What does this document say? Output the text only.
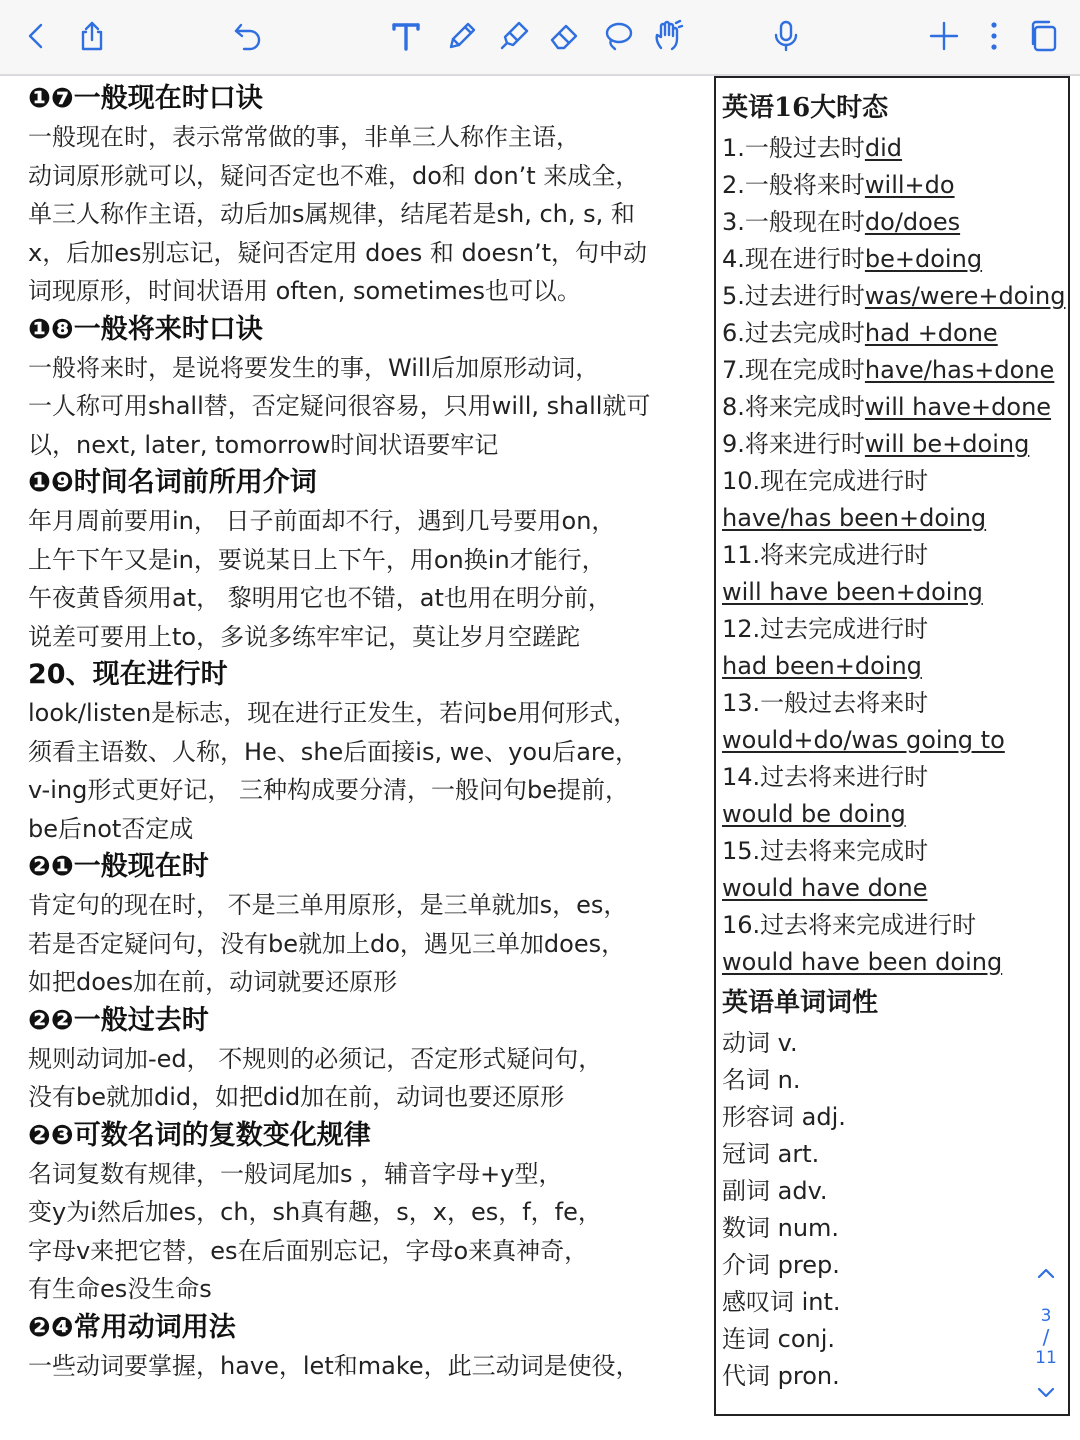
❶❼一般现在时口诀
一般现在时，表示常常做的事，非单三人称作主语，
动词原形就可以，疑问否定也不难，do和 don’t 来成全，
单三人称作主语，动后加s属规律，结尾若是sh, ch, s, 和
x，后加es别忘记，疑问否定用 does 和 doesn’t，句中动
词现原形，时间状语用 often, sometimes也可以。
❶❽一般将来时口诀
一般将来时，是说将要发生的事，Will后加原形动词，
一人称可用shall替，否定疑问很容易，只用will, shall就可
以，next, later, tomorrow时间状语要牢记
❶❾时间名词前所用介词
年月周前要用in， 日子前面却不行，遇到几号要用on，
上午下午又是in，要说某日上下午，用on换in才能行，
午夜黄昏须用at， 黎明用它也不错，at也用在明分前，
说差可要用上to，多说多练牢牢记，莫让岁月空蹉跎
20、现在进行时
look/listen是标志，现在进行正发生，若问be用何形式，
须看主语数、人称，He、she后面接is, we、you后are，
v-ing形式更好记， 三种构成要分清，一般问句be提前，
be后not否定成
❷❶一般现在时
肯定句的现在时， 不是三单用原形，是三单就加s，es，
若是否定疑问句，没有be就加上do，遇见三单加does，
如把does加在前，动词就要还原形
❷❷一般过去时
规则动词加-ed， 不规则的必须记，否定形式疑问句，
没有be就加did，如把did加在前，动词也要还原形
❷❸可数名词的复数变化规律
名词复数有规律，一般词尾加s ，辅音字母+y型，
变y为i然后加es，ch，sh真有趣，s，x，es，f，fe，
字母v来把它替，es在后面别忘记，字母o来真神奇，
有生命es没生命s
❷❹常用动词用法
一些动词要掌握，have，let和make，此三动词是使役，
英语16大时态
1.一般过去时did
2.一般将来时will+do
3.一般现在时do/does
4.现在进行时be+doing
5.过去进行时was/were+doing
6.过去完成时had +done
7.现在完成时have/has+done
8.将来完成时will have+done
9.将来进行时will be+doing
10.现在完成进行时
have/has been+doing
11.将来完成进行时
will have been+doing
12.过去完成进行时
had been+doing
13.一般过去将来时
would+do/was going to
14.过去将来进行时
would be doing
15.过去将来完成时
would have done
16.过去将来完成进行时
would have been doing
英语单词词性
动词 v.
名词 n.
形容词 adj.
冠词 art.
副词 adv.
数词 num.
介词 prep.
感叹词 int.
连词 conj.
代词 pron.
3
/
11
